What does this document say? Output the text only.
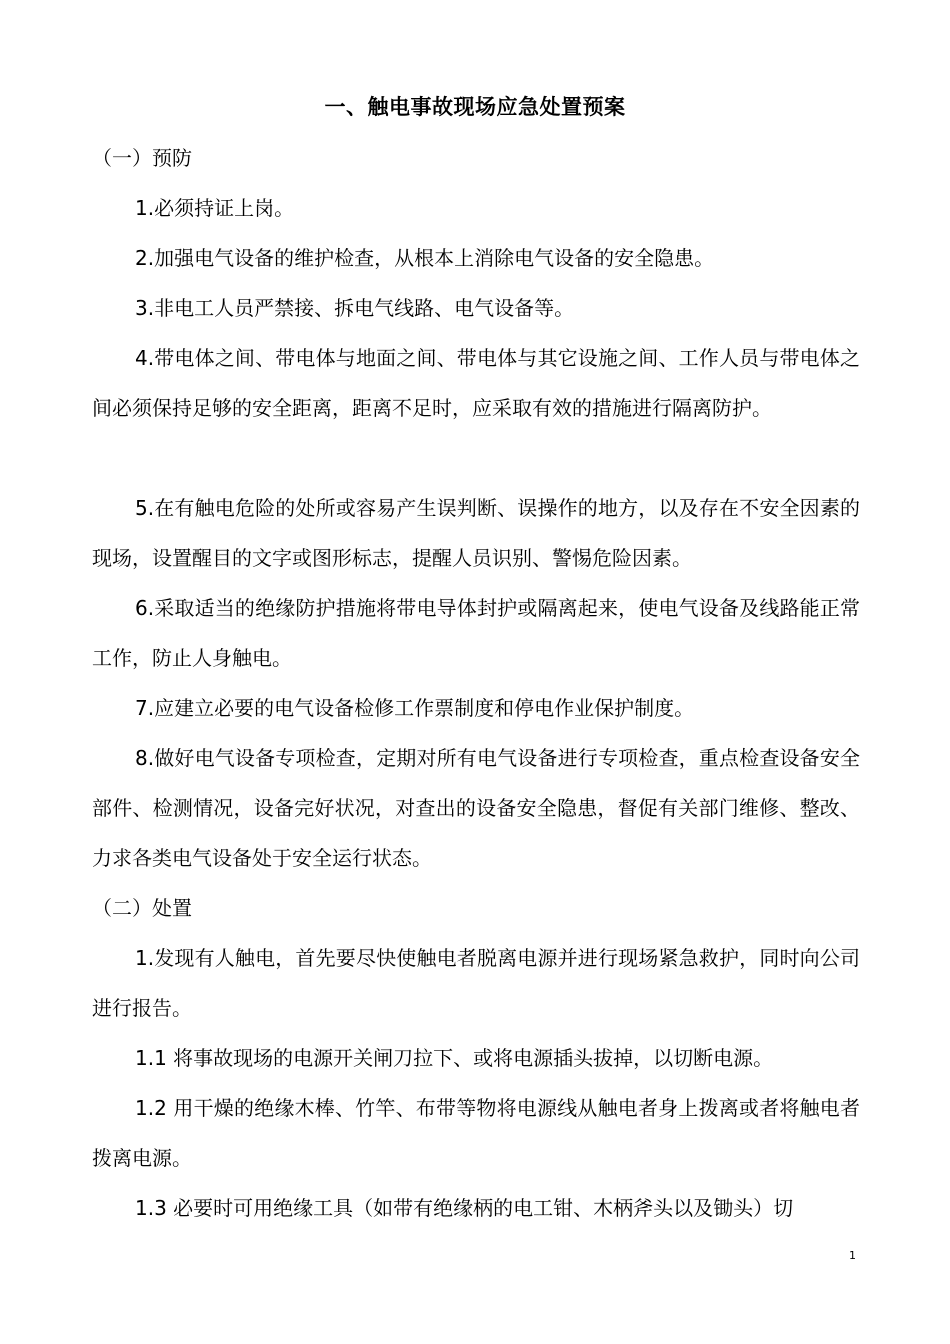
一、触电事故现场应急处置预案

（一）预防

1.必须持证上岗。

2.加强电气设备的维护检查，从根本上消除电气设备的安全隐患。

3.非电工人员严禁接、拆电气线路、电气设备等。

4.带电体之间、带电体与地面之间、带电体与其它设施之间、工作人员与带电体之间必须保持足够的安全距离，距离不足时，应采取有效的措施进行隔离防护。

5.在有触电危险的处所或容易产生误判断、误操作的地方，以及存在不安全因素的现场，设置醒目的文字或图形标志，提醒人员识别、警惕危险因素。

6.采取适当的绝缘防护措施将带电导体封护或隔离起来，使电气设备及线路能正常工作，防止人身触电。

7.应建立必要的电气设备检修工作票制度和停电作业保护制度。

8.做好电气设备专项检查，定期对所有电气设备进行专项检查，重点检查设备安全部件、检测情况，设备完好状况，对查出的设备安全隐患，督促有关部门维修、整改、力求各类电气设备处于安全运行状态。

（二）处置

1.发现有人触电，首先要尽快使触电者脱离电源并进行现场紧急救护，同时向公司进行报告。

1.1 将事故现场的电源开关闸刀拉下、或将电源插头拔掉，以切断电源。

1.2 用干燥的绝缘木棒、竹竿、布带等物将电源线从触电者身上拨离或者将触电者拨离电源。

1.3 必要时可用绝缘工具（如带有绝缘柄的电工钳、木柄斧头以及锄头）切

1
